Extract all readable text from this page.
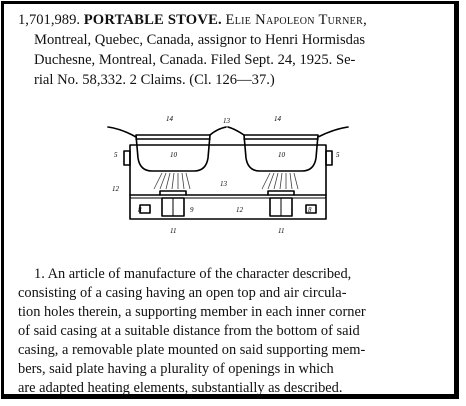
1,701,989. PORTABLE STOVE. Elie Napoleon Turner,
Montreal, Quebec, Canada, assignor to Henri Hormisdas
Duchesne, Montreal, Canada. Filed Sept. 24, 1925. Se-
rial No. 58,332. 2 Claims. (Cl. 126—37.)
14	13	14
5	5
10	10
12
13
8	9	12	8
11	11
1. An article of manufacture of the character described,
consisting of a casing having an open top and air circula-
tion holes therein, a supporting member in each inner corner
of said casing at a suitable distance from the bottom of said
casing, a removable plate mounted on said supporting mem-
bers, said plate having a plurality of openings in which
are adapted heating elements, substantially as described.
